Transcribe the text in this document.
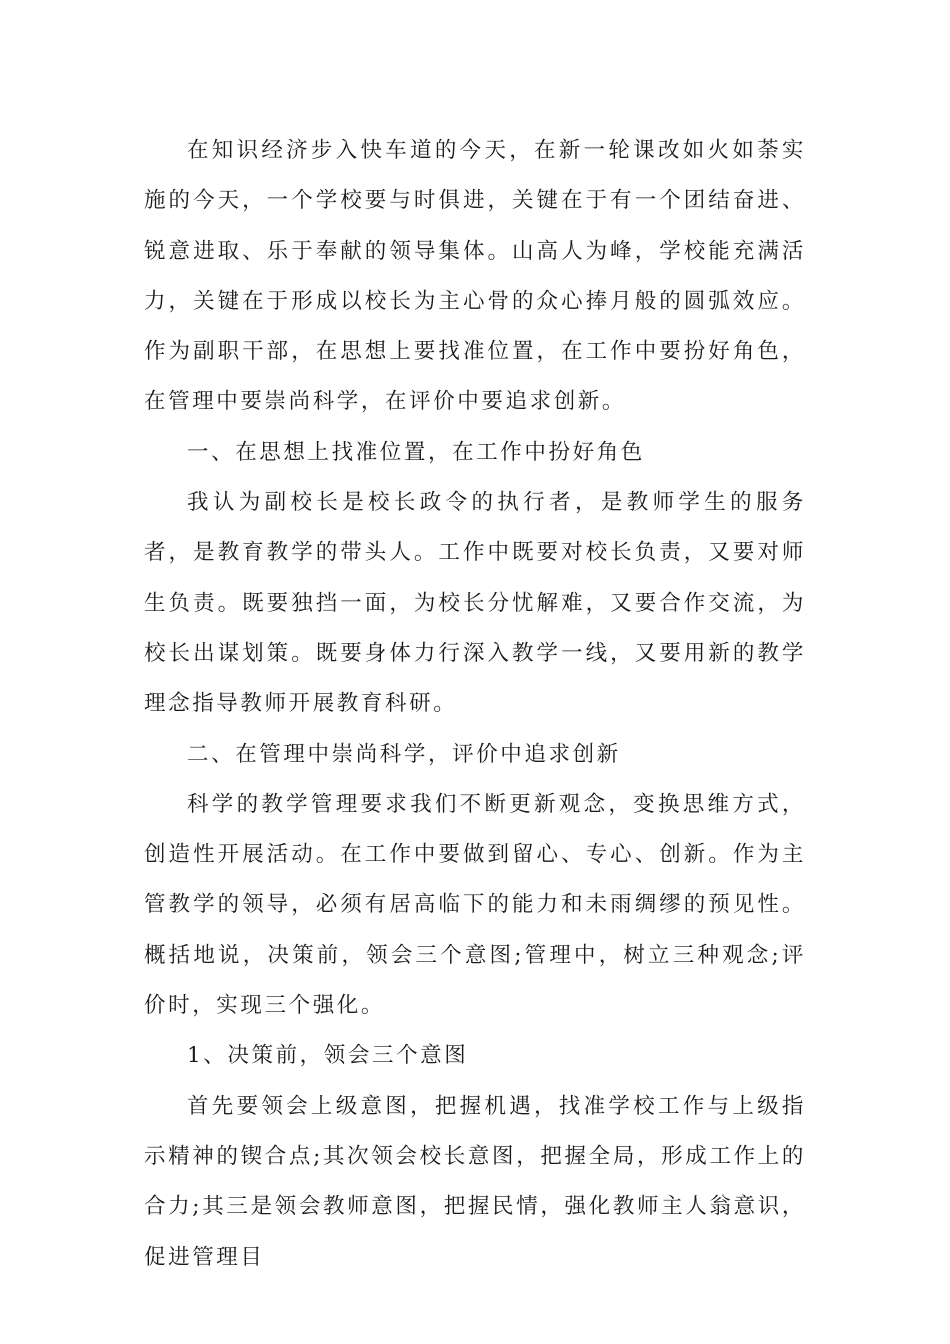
在知识经济步入快车道的今天，在新一轮课改如火如荼实施的今天，一个学校要与时俱进，关键在于有一个团结奋进、锐意进取、乐于奉献的领导集体。山高人为峰，学校能充满活力，关键在于形成以校长为主心骨的众心捧月般的圆弧效应。作为副职干部，在思想上要找准位置，在工作中要扮好角色，在管理中要崇尚科学，在评价中要追求创新。

一、在思想上找准位置，在工作中扮好角色

我认为副校长是校长政令的执行者，是教师学生的服务者，是教育教学的带头人。工作中既要对校长负责，又要对师生负责。既要独挡一面，为校长分忧解难，又要合作交流，为校长出谋划策。既要身体力行深入教学一线，又要用新的教学理念指导教师开展教育科研。

二、在管理中崇尚科学，评价中追求创新

科学的教学管理要求我们不断更新观念，变换思维方式，创造性开展活动。在工作中要做到留心、专心、创新。作为主管教学的领导，必须有居高临下的能力和未雨绸缪的预见性。概括地说，决策前，领会三个意图;管理中，树立三种观念;评价时，实现三个强化。

1、决策前，领会三个意图

首先要领会上级意图，把握机遇，找准学校工作与上级指示精神的锲合点;其次领会校长意图，把握全局，形成工作上的合力;其三是领会教师意图，把握民情，强化教师主人翁意识，促进管理目
